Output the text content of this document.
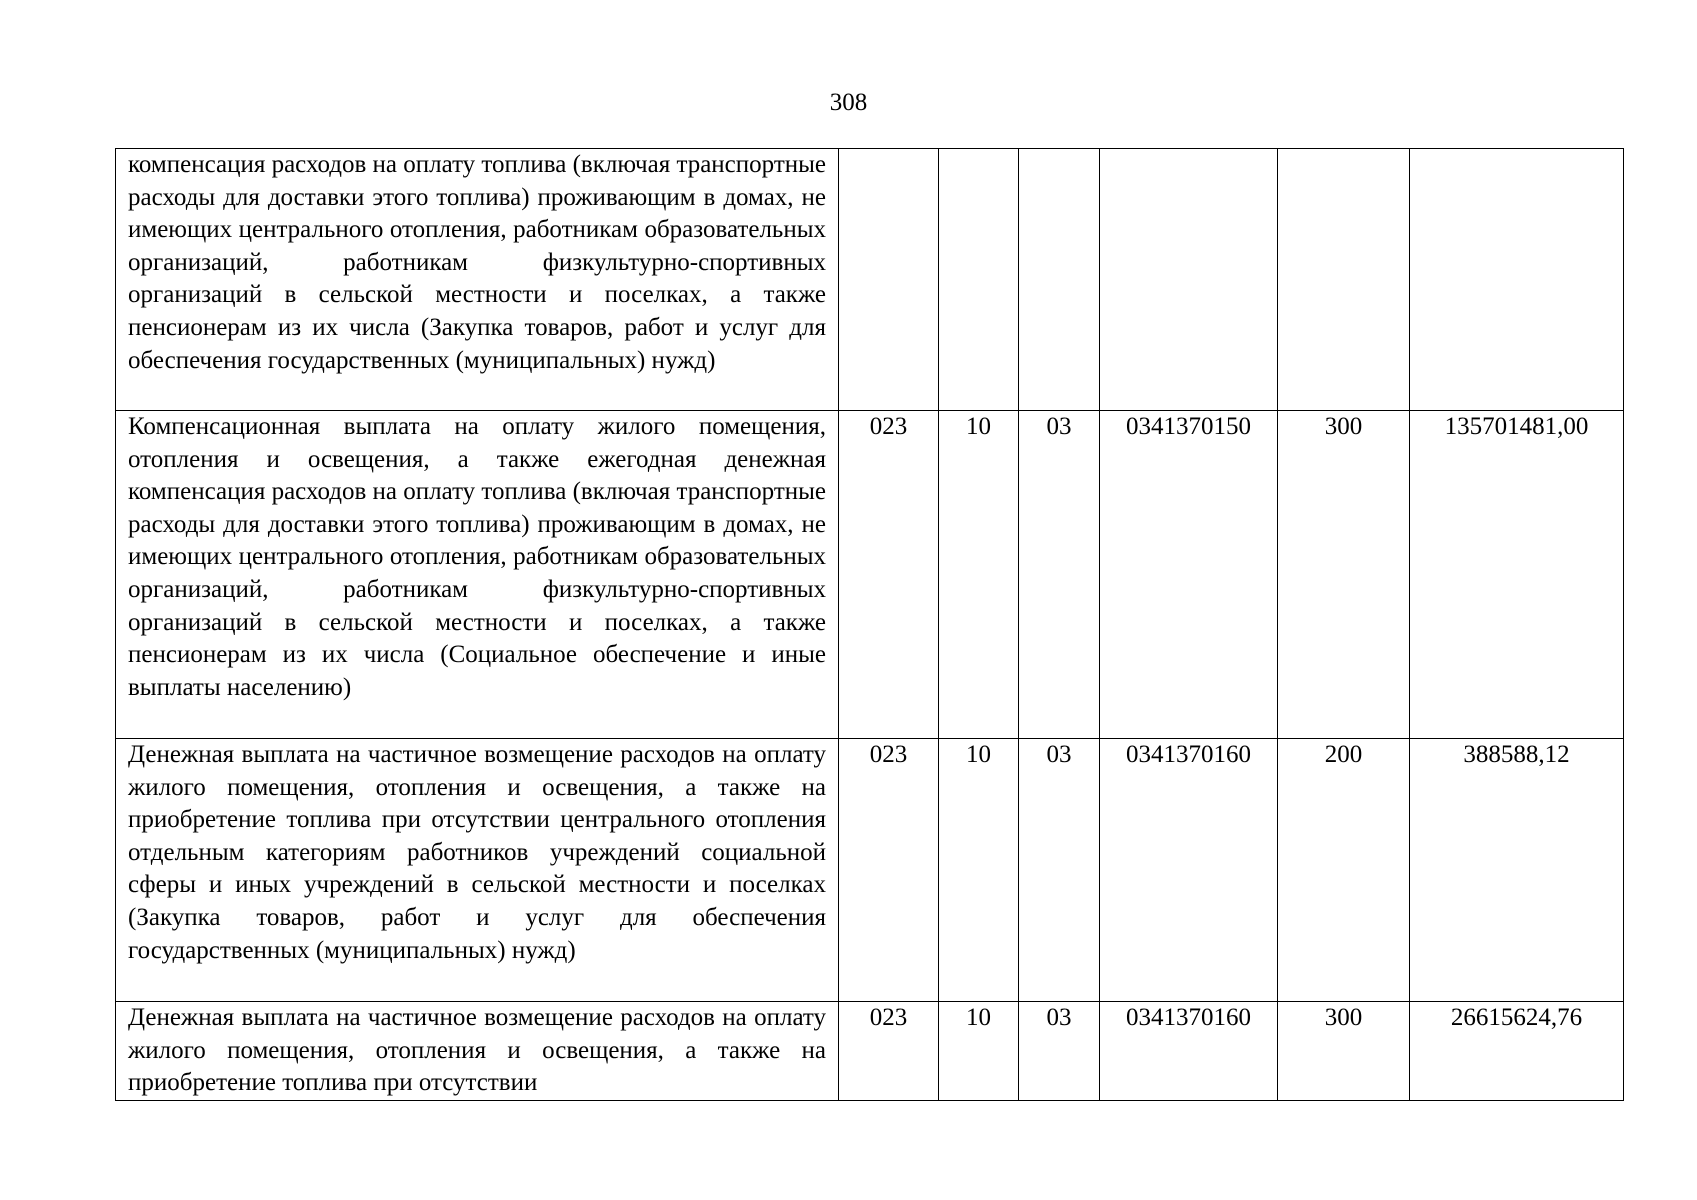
308
компенсация расходов на оплату топлива (включая транспортные расходы для доставки этого топлива) проживающим в домах, не имеющих центрального отопления, работникам образовательных организаций, работникам физкультурно-спортивных организаций в сельской местности и поселках, а также пенсионерам из их числа (Закупка товаров, работ и услуг для обеспечения государственных (муниципальных) нужд)						
Компенсационная выплата на оплату жилого помещения, отопления и освещения, а также ежегодная денежная компенсация расходов на оплату топлива (включая транспортные расходы для доставки этого топлива) проживающим в домах, не имеющих центрального отопления, работникам образовательных организаций, работникам физкультурно-спортивных организаций в сельской местности и поселках, а также пенсионерам из их числа (Социальное обеспечение и иные выплаты населению)	023	10	03	0341370150	300	135701481,00
Денежная выплата на частичное возмещение расходов на оплату жилого помещения, отопления и освещения, а также на приобретение топлива при отсутствии центрального отопления отдельным категориям работников учреждений социальной сферы и иных учреждений в сельской местности и поселках (Закупка товаров, работ и услуг для обеспечения государственных (муниципальных) нужд)	023	10	03	0341370160	200	388588,12
Денежная выплата на частичное возмещение расходов на оплату жилого помещения, отопления и освещения, а также на приобретение топлива при отсутствии	023	10	03	0341370160	300	26615624,76
